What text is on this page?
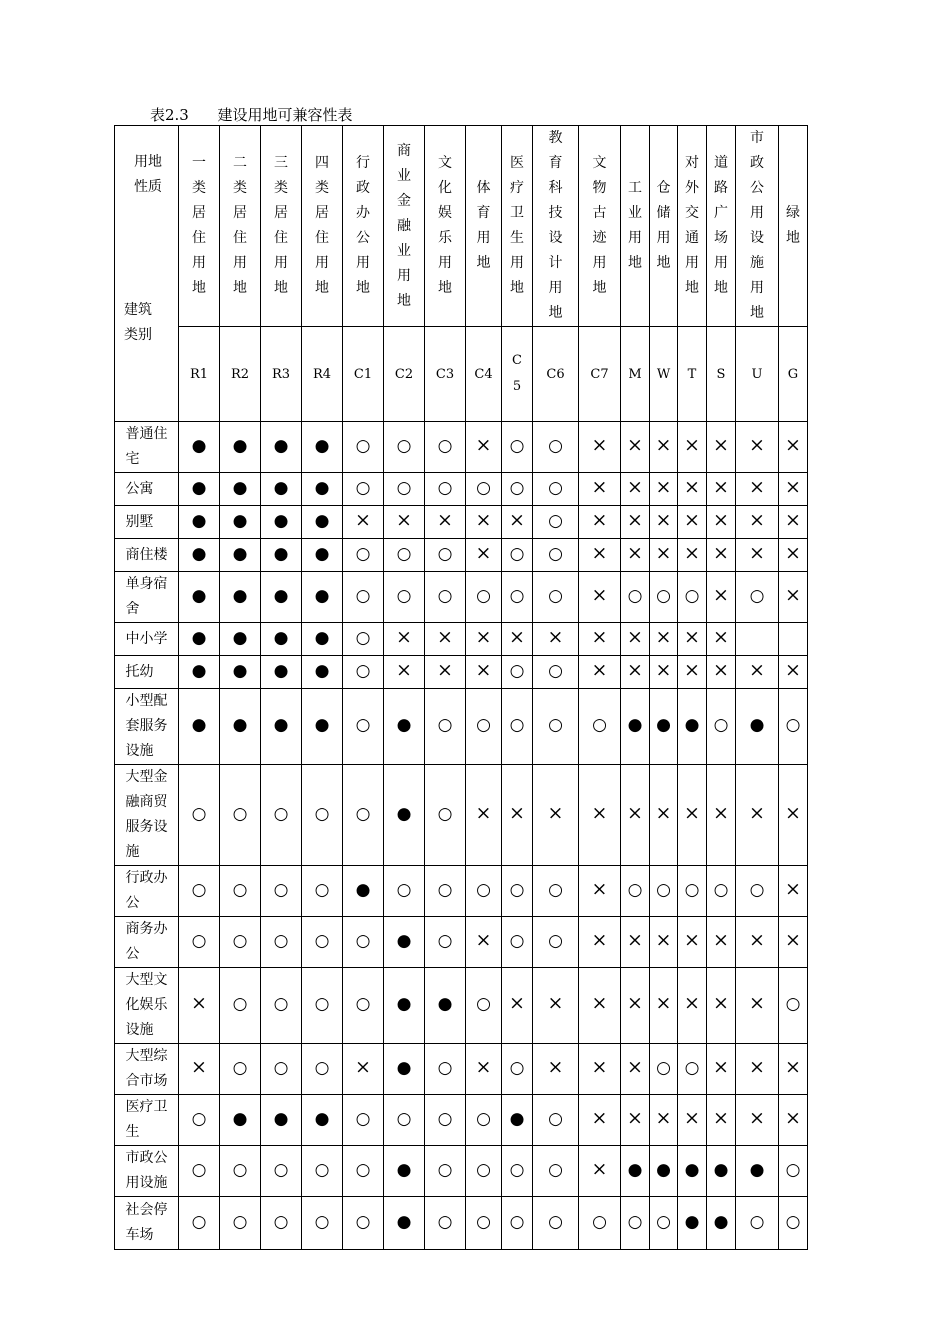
表2.3      建设用地可兼容性表
用地性质
建筑类别	一类居住用地	二类居住用地	三类居住用地	四类居住用地	行政办公用地	商业金融业用地	文化娱乐用地	体育用地	医疗卫生用地	教育科技设计用地	文物古迹用地	工业用地	仓储用地	对外交通用地	道路广场用地	市政公用设施用地	绿地
	R1	R2	R3	R4	C1	C2	C3	C4	C5	C6	C7	M	W	T	S	U	G
普通住宅	●	●	●	●	○	○	○	×	○	○	×	×	×	×	×	×	×
公寓	●	●	●	●	○	○	○	○	○	○	×	×	×	×	×	×	×
别墅	●	●	●	●	×	×	×	×	×	○	×	×	×	×	×	×	×
商住楼	●	●	●	●	○	○	○	×	○	○	×	×	×	×	×	×	×
单身宿舍	●	●	●	●	○	○	○	○	○	○	×	○	○	○	×	○	×
中小学	●	●	●	●	○	×	×	×	×	×	×	×	×	×	×		
托幼	●	●	●	●	○	×	×	×	○	○	×	×	×	×	×	×	×
小型配套服务设施	●	●	●	●	○	●	○	○	○	○	○	●	●	●	○	●	○
大型金融商贸服务设施	○	○	○	○	○	●	○	×	×	×	×	×	×	×	×	×	×
行政办公	○	○	○	○	●	○	○	○	○	○	×	○	○	○	○	○	×
商务办公	○	○	○	○	○	●	○	×	○	○	×	×	×	×	×	×	×
大型文化娱乐设施	×	○	○	○	○	●	●	○	×	×	×	×	×	×	×	×	○
大型综合市场	×	○	○	○	×	●	○	×	○	×	×	×	○	○	×	×	×
医疗卫生	○	●	●	●	○	○	○	○	●	○	×	×	×	×	×	×	×
市政公用设施	○	○	○	○	○	●	○	○	○	○	×	●	●	●	●	●	○
社会停车场	○	○	○	○	○	●	○	○	○	○	○	○	○	●	●	○	○
